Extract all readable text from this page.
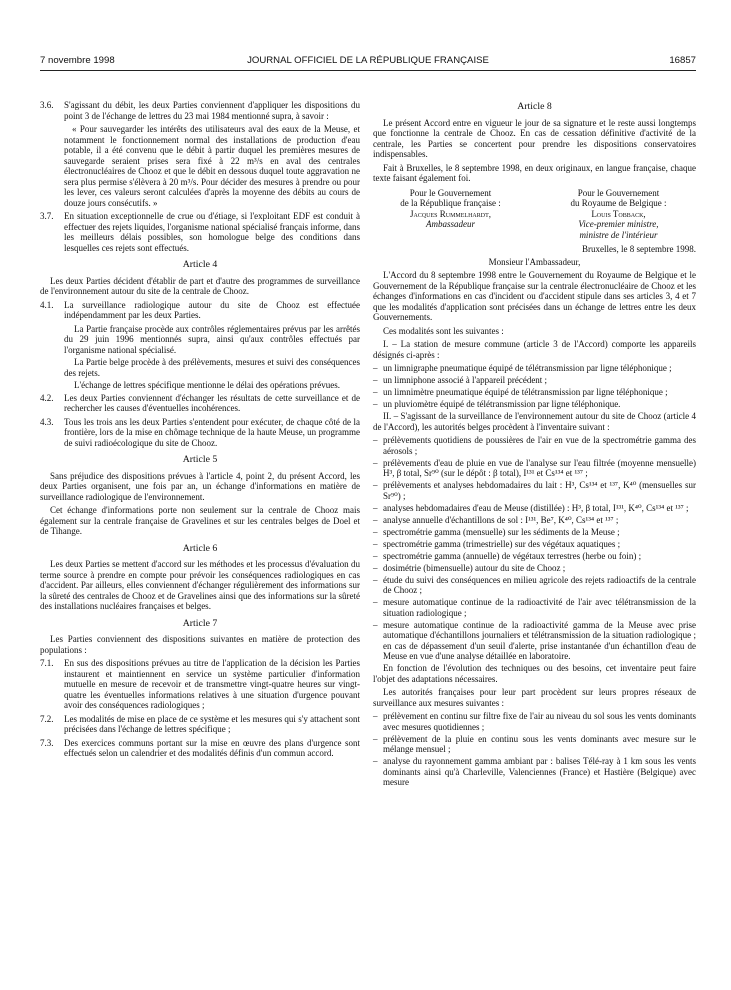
7 novembre 1998	JOURNAL OFFICIEL DE LA RÉPUBLIQUE FRANÇAISE	16857
3.6.	S'agissant du débit, les deux Parties conviennent d'appliquer les dispositions du point 3 de l'échange de lettres du 23 mai 1984 mentionné supra, à savoir :

« Pour sauvegarder les intérêts des utilisateurs aval des eaux de la Meuse, et notamment le fonctionnement normal des installations de production d'eau potable, il a été convenu que le débit à partir duquel les premières mesures de sauvegarde seraient prises sera fixé à 22 m³/s en aval des centrales électronucléaires de Chooz et que le débit en dessous duquel toute aggravation ne sera plus permise s'élèvera à 20 m³/s. Pour décider des mesures à prendre ou pour les lever, ces valeurs seront calculées d'après la moyenne des débits au cours de douze jours consécutifs. »

3.7.	En situation exceptionnelle de crue ou d'étiage, si l'exploitant EDF est conduit à effectuer des rejets liquides, l'organisme national spécialisé français informe, dans les meilleurs délais possibles, son homologue belge des conditions dans lesquelles ces rejets sont effectués.
Article 4

Les deux Parties décident d'établir de part et d'autre des programmes de surveillance de l'environnement autour du site de la centrale de Chooz.

4.1.	La surveillance radiologique autour du site de Chooz est effectuée indépendamment par les deux Parties.

La Partie française procède aux contrôles réglementaires prévus par les arrêtés du 29 juin 1996 mentionnés supra, ainsi qu'aux contrôles effectués par l'organisme national spécialisé.

La Partie belge procède à des prélèvements, mesures et suivi des conséquences des rejets.

L'échange de lettres spécifique mentionne le délai des opérations prévues.

4.2.	Les deux Parties conviennent d'échanger les résultats de cette surveillance et de rechercher les causes d'éventuelles incohérences.
4.3.	Tous les trois ans les deux Parties s'entendent pour exécuter, de chaque côté de la frontière, lors de la mise en chômage technique de la haute Meuse, un programme de suivi radioécologique du site de Chooz.
Article 5

Sans préjudice des dispositions prévues à l'article 4, point 2, du présent Accord, les deux Parties organisent, une fois par an, un échange d'informations en matière de surveillance radiologique de l'environnement.

Cet échange d'informations porte non seulement sur la centrale de Chooz mais également sur la centrale française de Gravelines et sur les centrales belges de Doel et de Tihange.

Article 6

Les deux Parties se mettent d'accord sur les méthodes et les processus d'évaluation du terme source à prendre en compte pour prévoir les conséquences radiologiques en cas d'accident. Par ailleurs, elles conviennent d'échanger régulièrement des informations sur la sûreté des centrales de Chooz et de Gravelines ainsi que des informations sur la sûreté des installations nucléaires françaises et belges.

Article 7

Les Parties conviennent des dispositions suivantes en matière de protection des populations :

7.1.	En sus des dispositions prévues au titre de l'application de la décision les Parties instaurent et maintiennent en service un système particulier d'information mutuelle en mesure de recevoir et de transmettre vingt-quatre heures sur vingt-quatre les éventuelles informations relatives à une situation d'urgence pouvant avoir des conséquences radiologiques ;
7.2.	Les modalités de mise en place de ce système et les mesures qui s'y attachent sont précisées dans l'échange de lettres spécifique ;
7.3.	Des exercices communs portant sur la mise en œuvre des plans d'urgence sont effectués selon un calendrier et des modalités définis d'un commun accord.
Article 8

Le présent Accord entre en vigueur le jour de sa signature et le reste aussi longtemps que fonctionne la centrale de Chooz. En cas de cessation définitive d'activité de la centrale, les Parties se concertent pour prendre les dispositions conservatoires indispensables.

Fait à Bruxelles, le 8 septembre 1998, en deux originaux, en langue française, chaque texte faisant également foi.

Pour le Gouvernement
de la République française :
Jacques Rummelhardt,
Ambassadeur
Pour le Gouvernement
du Royaume de Belgique :
Louis Tobback,
Vice-premier ministre,
ministre de l'intérieur
Bruxelles, le 8 septembre 1998.
Monsieur l'Ambassadeur,

L'Accord du 8 septembre 1998 entre le Gouvernement du Royaume de Belgique et le Gouvernement de la République française sur la centrale électronucléaire de Chooz et les échanges d'informations en cas d'incident ou d'accident stipule dans ses articles 3, 4 et 7 que les modalités d'application sont précisées dans un échange de lettres entre les deux Gouvernements.

Ces modalités sont les suivantes :

I. – La station de mesure commune (article 3 de l'Accord) comporte les appareils désignés ci-après :

– un limnigraphe pneumatique équipé de télétransmission par ligne téléphonique ;
– un limniphone associé à l'appareil précédent ;
– un limnimètre pneumatique équipé de télétransmission par ligne téléphonique ;
– un pluviomètre équipé de télétransmission par ligne téléphonique.

II. – S'agissant de la surveillance de l'environnement autour du site de Chooz (article 4 de l'Accord), les autorités belges procèdent à l'inventaire suivant :

– prélèvements quotidiens de poussières de l'air en vue de la spectrométrie gamma des aérosols ;
– prélèvements d'eau de pluie en vue de l'analyse sur l'eau filtrée (moyenne mensuelle) H³, β total, Sr⁹⁰ (sur le dépôt : β total), I¹³¹ et Cs¹³⁴ et ¹³⁷ ;
– prélèvements et analyses hebdomadaires du lait : H³, Cs¹³⁴ et ¹³⁷, K⁴⁰ (mensuelles sur Sr⁹⁰) ;
– analyses hebdomadaires d'eau de Meuse (distillée) : H³, β total, I¹³¹, K⁴⁰, Cs¹³⁴ et ¹³⁷ ;
– analyse annuelle d'échantillons de sol : I¹³¹, Be⁷, K⁴⁰, Cs¹³⁴ et ¹³⁷ ;
– spectrométrie gamma (mensuelle) sur les sédiments de la Meuse ;
– spectrométrie gamma (trimestrielle) sur des végétaux aquatiques ;
– spectrométrie gamma (annuelle) de végétaux terrestres (herbe ou foin) ;
– dosimétrie (bimensuelle) autour du site de Chooz ;
– étude du suivi des conséquences en milieu agricole des rejets radioactifs de la centrale de Chooz ;
– mesure automatique continue de la radioactivité de l'air avec télétransmission de la situation radiologique ;
– mesure automatique continue de la radioactivité gamma de la Meuse avec prise automatique d'échantillons journaliers et télétransmission de la situation radiologique ; en cas de dépassement d'un seuil d'alerte, prise instantanée d'un échantillon d'eau de Meuse en vue d'une analyse détaillée en laboratoire.

En fonction de l'évolution des techniques ou des besoins, cet inventaire peut faire l'objet des adaptations nécessaires.

Les autorités françaises pour leur part procèdent sur leurs propres réseaux de surveillance aux mesures suivantes :

– prélèvement en continu sur filtre fixe de l'air au niveau du sol sous les vents dominants avec mesures quotidiennes ;
– prélèvement de la pluie en continu sous les vents dominants avec mesure sur le mélange mensuel ;
– analyse du rayonnement gamma ambiant par : balises Télé-ray à 1 km sous les vents dominants ainsi qu'à Charleville, Valenciennes (France) et Hastière (Belgique) avec mesure
